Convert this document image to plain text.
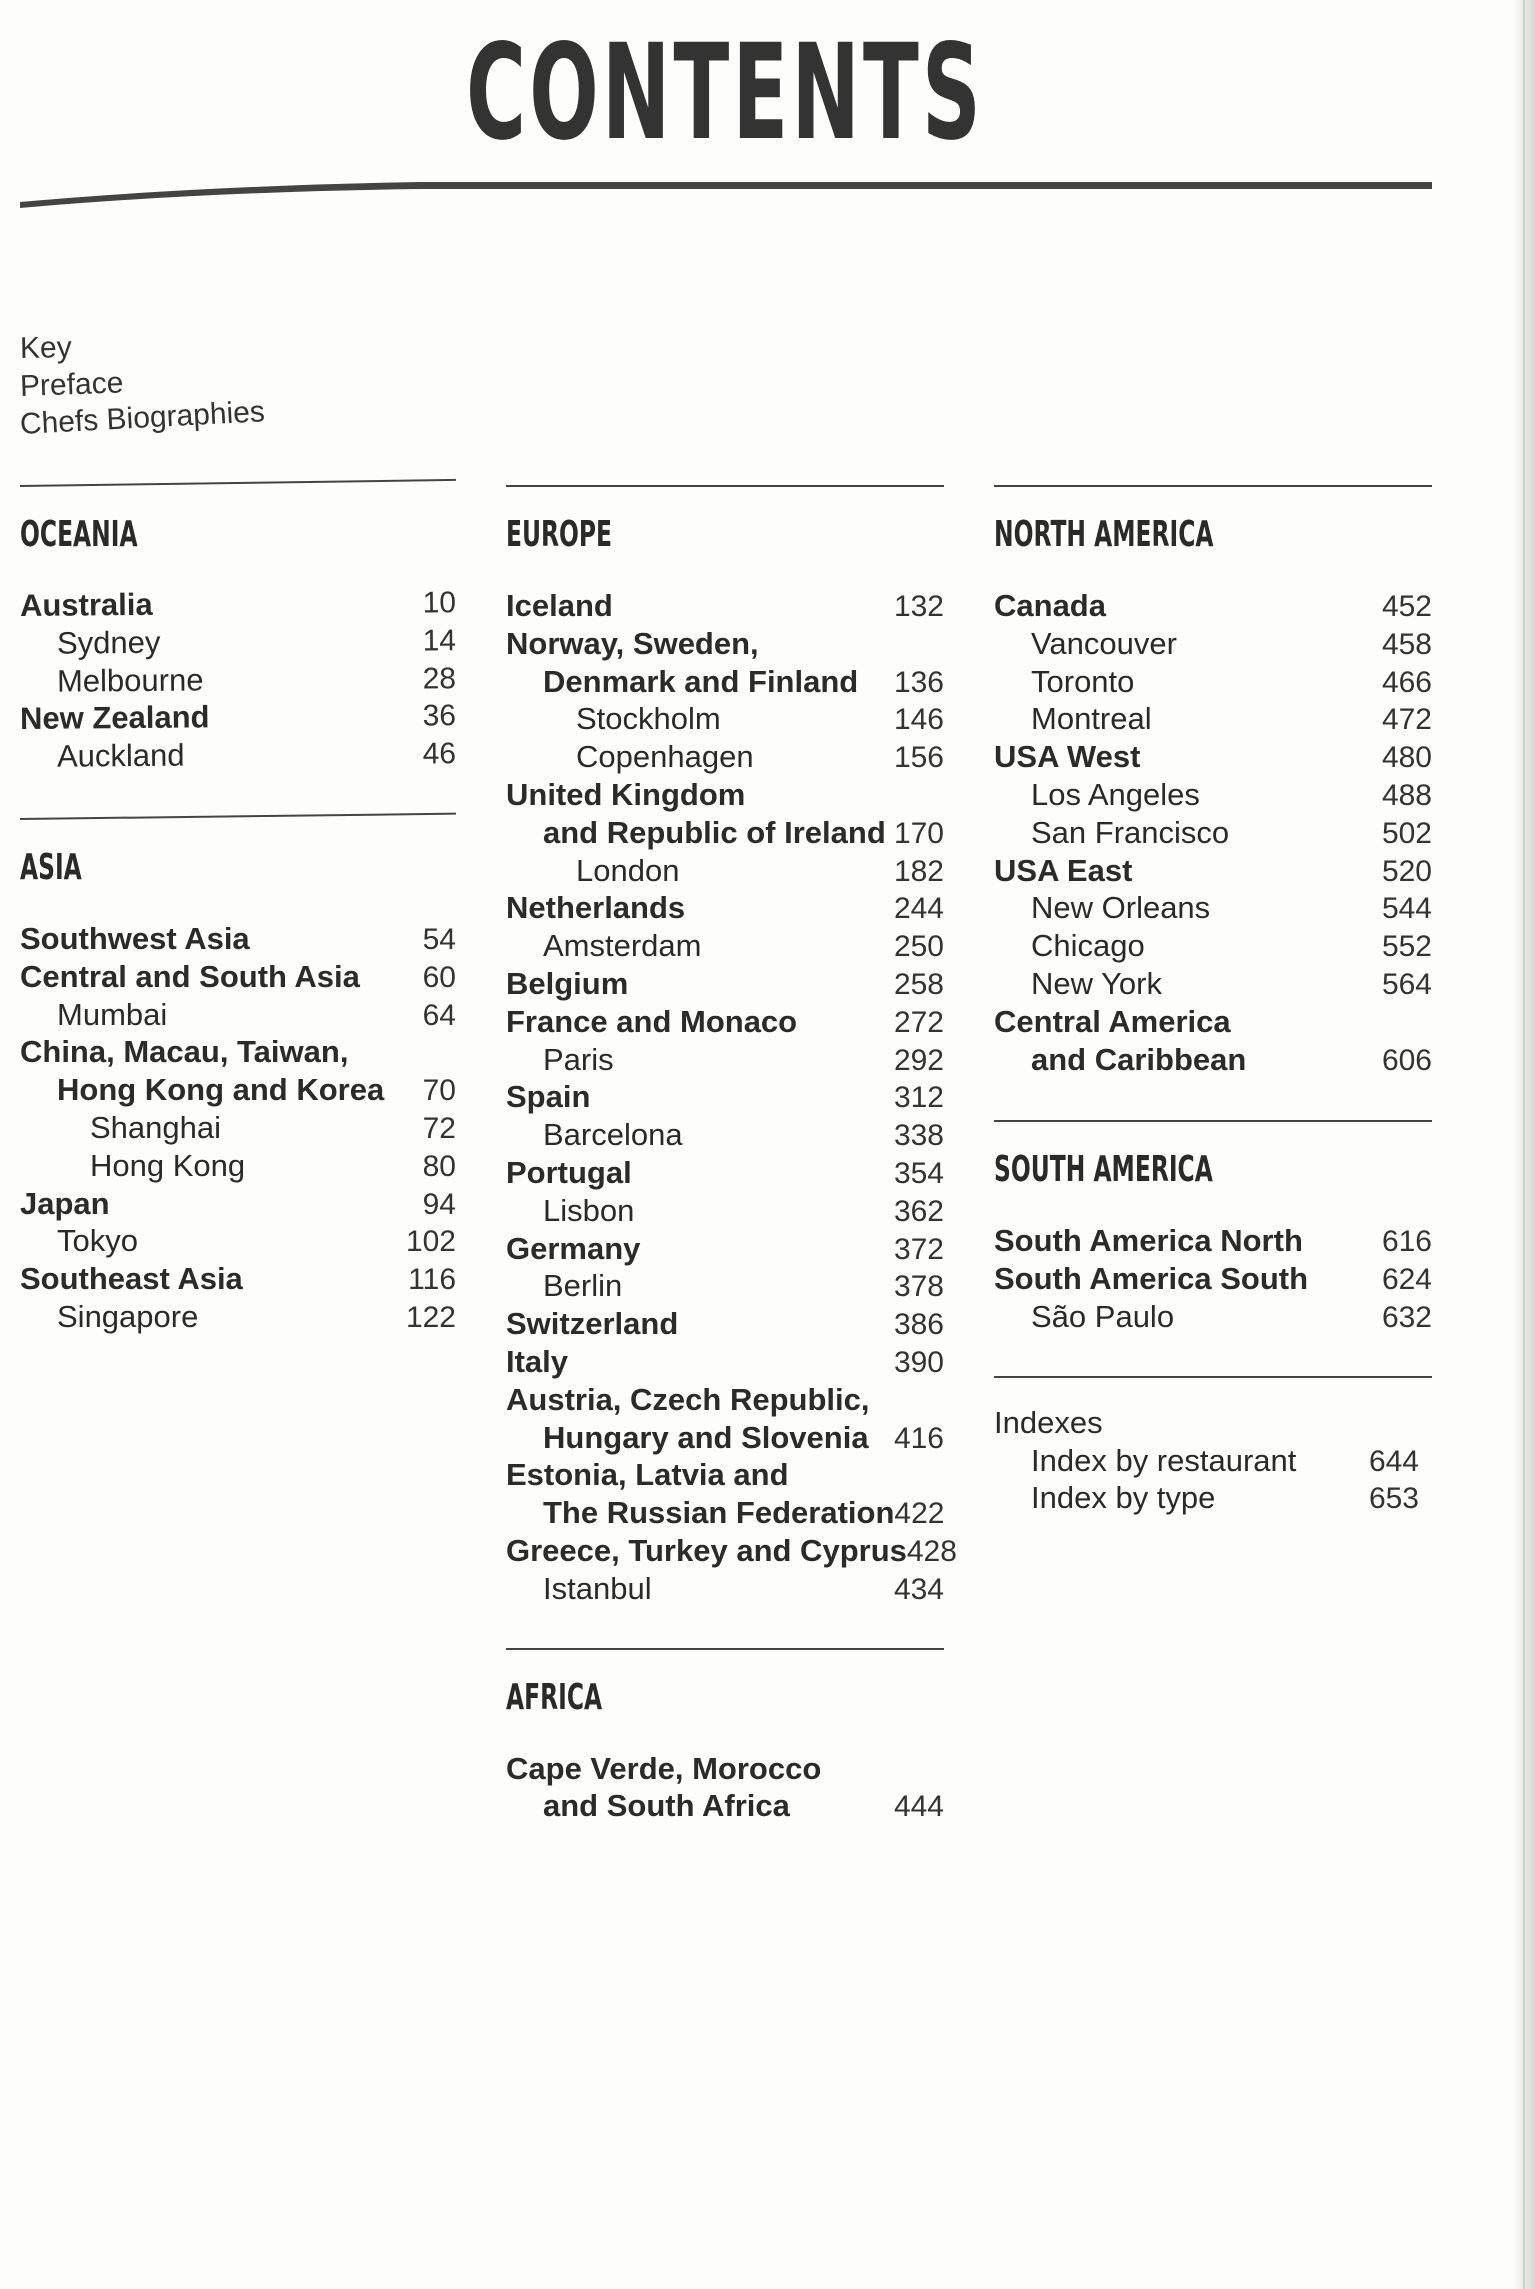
CONTENTS
Key
Preface
Chefs Biographies
OCEANIA
Australia	10
Sydney	14
Melbourne	28
New Zealand	36
Auckland	46
ASIA
Southwest Asia	54
Central and South Asia 60
Mumbai	64
China, Macau, Taiwan,
Hong Kong and Korea 70
Shanghai	72
Hong Kong	80
Japan	94
Tokyo	102
Southeast Asia	116
Singapore	122
EUROPE
Iceland	132
Norway, Sweden,
Denmark and Finland 136
Stockholm	146
Copenhagen	156
United Kingdom
and Republic of Ireland 170
London	182
Netherlands	244
Amsterdam	250
Belgium	258
France and Monaco	272
Paris	292
Spain	312
Barcelona	338
Portugal	354
Lisbon	362
Germany	372
Berlin	378
Switzerland	386
Italy	390
Austria, Czech Republic,
Hungary and Slovenia 416
Estonia, Latvia and
The Russian Federation 422
Greece, Turkey and Cyprus 428
Istanbul	434
AFRICA
Cape Verde, Morocco
and South Africa	444
NORTH AMERICA
Canada	452
Vancouver	458
Toronto	466
Montreal	472
USA West	480
Los Angeles	488
San Francisco	502
USA East	520
New Orleans	544
Chicago	552
New York	564
Central America
and Caribbean	606
SOUTH AMERICA
South America North	616
South America South 624
São Paulo	632
Indexes
Index by restaurant 644
Index by type	653
